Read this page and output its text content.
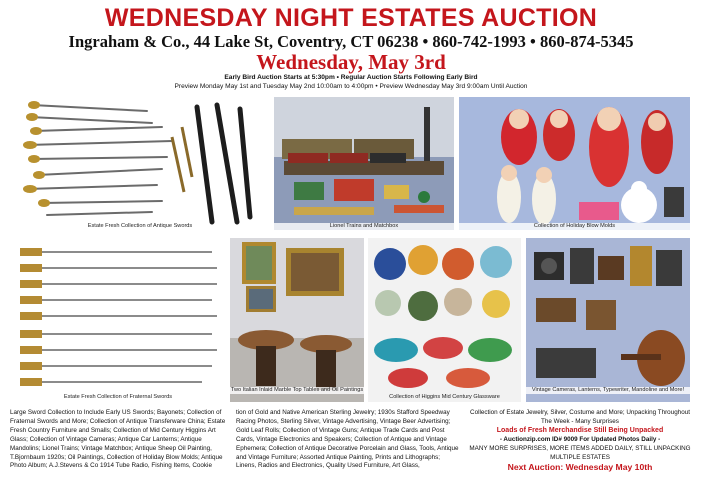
WEDNESDAY NIGHT ESTATES AUCTION
Ingraham & Co., 44 Lake St, Coventry, CT 06238 • 860-742-1993 • 860-874-5345
Wednesday, May 3rd
Early Bird Auction Starts at 5:30pm • Regular Auction Starts Following Early Bird
Preview Monday May 1st and Tuesday May 2nd 10:00am to 4:00pm • Preview Wednesday May 3rd 9:00am Until Auction
Estate Fresh Collection of Antique Swords	Lionel Trains and Matchbox	Collection of Holiday Blow Molds
Estate Fresh Collection of Fraternal Swords
Two Italian Inlaid Marble Top Tables and Oil Paintings
Collection of Higgins Mid Century Glassware
Vintage Cameras, Lanterns, Typewriter, Mandoline and More!
Large Sword Collection to Include Early US Swords; Bayonets; Collection of Fraternal Swords and More; Collection of Antique Transferware China; Estate Fresh Country Furniture and Smalls; Collection of Mid Century Higgins Art Glass; Collection of Vintage Cameras; Antique Car Lanterns; Antique Mandolins; Lionel Trains; Vintage Matchbox; Antique Sheep Oil Painting, T.Bjornbaum 1920s; Oil Paintings, Collection of Holiday Blow Molds; Antique Photo Album; A.J.Stevens & Co 1914 Tube Radio, Fishing Items, Cookie
tion of Gold and Native American Sterling Jewelry; 1930s Stafford Speedway Racing Photos, Sterling Silver, Vintage Advertising, Vintage Beer Advertising; Gold Leaf Rolls; Collection of Vintage Guns; Antique Trade Cards and Post Cards, Vintage Electronics and Speakers; Collection of Antique and Vintage Ephemera; Collection of Antique Decorative Porcelain and Glass, Tools, Antique and Vintage Furniture; Assorted Antique Painting, Prints and Lithographs; Linens, Radios and Electronics, Quality Used Furniture, Art Glass,
Collection of Estate Jewelry, Silver, Costume and More; Unpacking Throughout The Week - Many Surprises
Loads of Fresh Merchandise Still Being Unpacked
- Auctionzip.com ID# 9009 For Updated Photos Daily -
MANY MORE SURPRISES, MORE ITEMS ADDED DAILY, STILL UNPACKING MULTIPLE ESTATES
Next Auction: Wednesday May 10th
